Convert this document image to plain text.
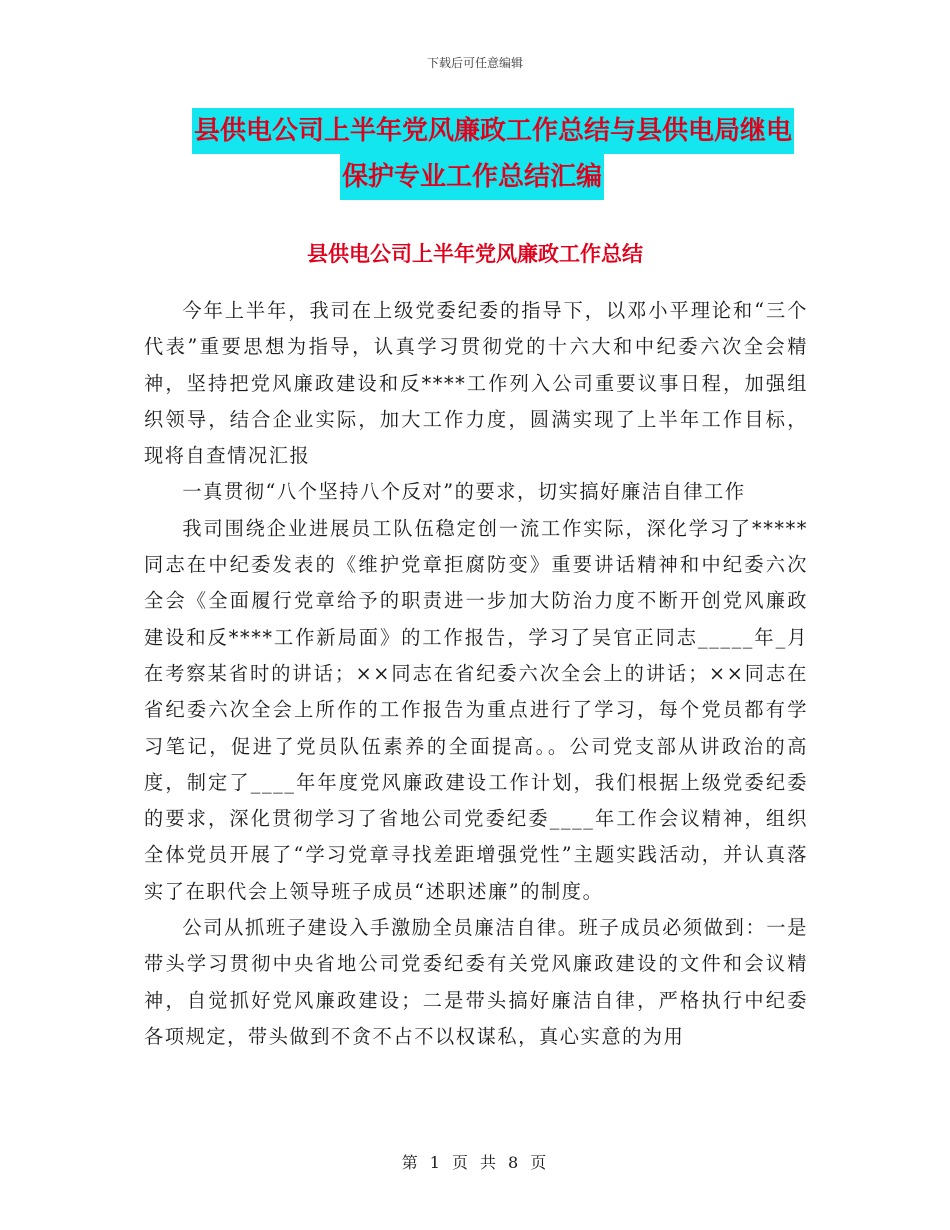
下载后可任意编辑
县供电公司上半年党风廉政工作总结与县供电局继电
保护专业工作总结汇编
县供电公司上半年党风廉政工作总结

今年上半年，我司在上级党委纪委的指导下，以邓小平理论和“三个代表”重要思想为指导，认真学习贯彻党的十六大和中纪委六次全会精神，坚持把党风廉政建设和反****工作列入公司重要议事日程，加强组织领导，结合企业实际，加大工作力度，圆满实现了上半年工作目标，现将自查情况汇报

一真贯彻“八个坚持八个反对”的要求，切实搞好廉洁自律工作

我司围绕企业进展员工队伍稳定创一流工作实际，深化学习了*****同志在中纪委发表的《维护党章拒腐防变》重要讲话精神和中纪委六次全会《全面履行党章给予的职责进一步加大防治力度不断开创党风廉政建设和反****工作新局面》的工作报告，学习了吴官正同志_____年_月在考察某省时的讲话；××同志在省纪委六次全会上的讲话；××同志在省纪委六次全会上所作的工作报告为重点进行了学习，每个党员都有学习笔记，促进了党员队伍素养的全面提高。。公司党支部从讲政治的高度，制定了____年年度党风廉政建设工作计划，我们根据上级党委纪委的要求，深化贯彻学习了省地公司党委纪委____年工作会议精神，组织全体党员开展了“学习党章寻找差距增强党性”主题实践活动，并认真落实了在职代会上领导班子成员“述职述廉”的制度。

公司从抓班子建设入手激励全员廉洁自律。班子成员必须做到：一是带头学习贯彻中央省地公司党委纪委有关党风廉政建设的文件和会议精神，自觉抓好党风廉政建设；二是带头搞好廉洁自律，严格执行中纪委各项规定，带头做到不贪不占不以权谋私，真心实意的为用

第 1 页 共 8 页
